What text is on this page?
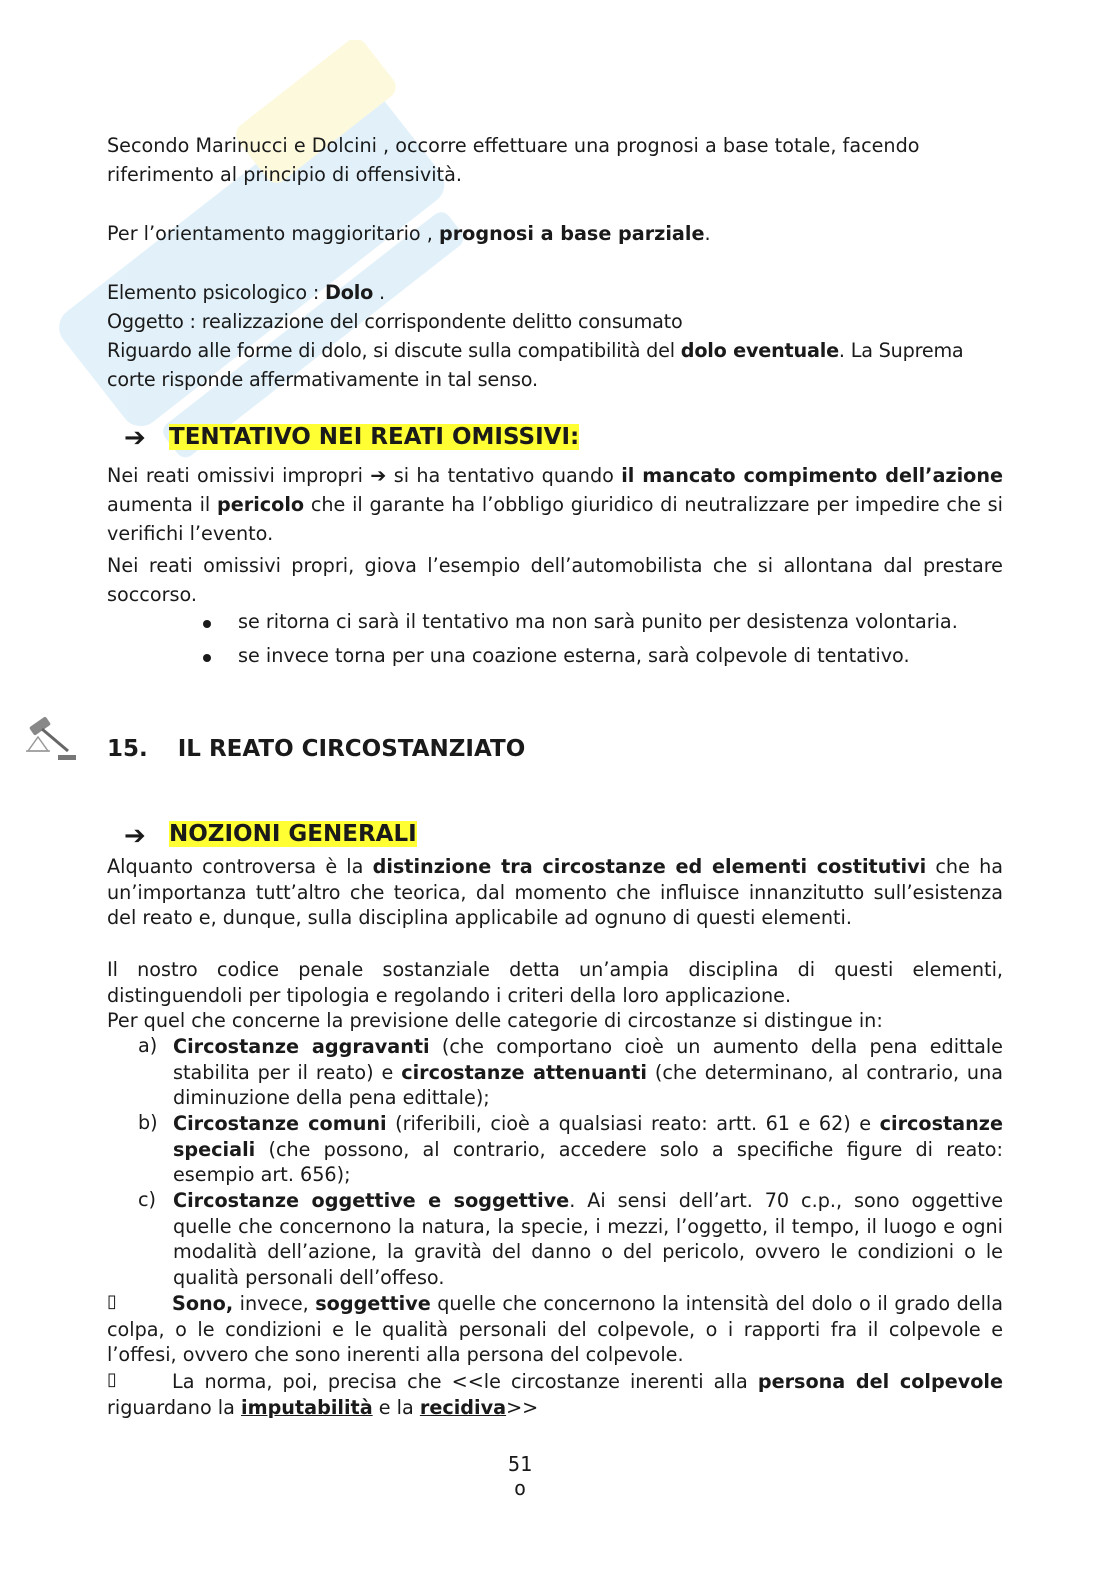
Secondo Marinucci e Dolcini , occorre effettuare una prognosi a base totale, facendo
riferimento al principio di offensività.

Per l’orientamento maggioritario , prognosi a base parziale.

Elemento psicologico : Dolo .
Oggetto : realizzazione del corrispondente delitto consumato
Riguardo alle forme di dolo, si discute sulla compatibilità del dolo eventuale. La Suprema
corte risponde affermativamente in tal senso.

➔ TENTATIVO NEI REATI OMISSIVI:

Nei reati omissivi impropri ➔ si ha tentativo quando il mancato compimento dell’azione aumenta il pericolo che il garante ha l’obbligo giuridico di neutralizzare per impedire che si verifichi l’evento.

Nei reati omissivi propri, giova l’esempio dell’automobilista che si allontana dal prestare soccorso.

se ritorna ci sarà il tentativo ma non sarà punito per desistenza volontaria.

se invece torna per una coazione esterna, sarà colpevole di tentativo.

15. IL REATO CIRCOSTANZIATO
➔ NOZIONI GENERALI

Alquanto controversa è la distinzione tra circostanze ed elementi costitutivi che ha un’importanza tutt’altro che teorica, dal momento che influisce innanzitutto sull’esistenza del reato e, dunque, sulla disciplina applicabile ad ognuno di questi elementi.

Il nostro codice penale sostanziale detta un’ampia disciplina di questi elementi, distinguendoli per tipologia e regolando i criteri della loro applicazione.

Per quel che concerne la previsione delle categorie di circostanze si distingue in:

a) Circostanze aggravanti (che comportano cioè un aumento della pena edittale stabilita per il reato) e circostanze attenuanti (che determinano, al contrario, una diminuzione della pena edittale);

b) Circostanze comuni (riferibili, cioè a qualsiasi reato: artt. 61 e 62) e circostanze speciali (che possono, al contrario, accedere solo a specifiche figure di reato: esempio art. 656);

c) Circostanze oggettive e soggettive. Ai sensi dell’art. 70 c.p., sono oggettive quelle che concernono la natura, la specie, i mezzi, l’oggetto, il tempo, il luogo e ogni modalità dell’azione, la gravità del danno o del pericolo, ovvero le condizioni o le qualità personali dell’offeso.

▯	Sono, invece, soggettive quelle che concernono la intensità del dolo o il grado della colpa, o le condizioni e le qualità personali del colpevole, o i rapporti fra il colpevole e l’offesi, ovvero che sono inerenti alla persona del colpevole.

▯	La norma, poi, precisa che <<le circostanze inerenti alla persona del colpevole riguardano la imputabilità e la recidiva>>

51
o
